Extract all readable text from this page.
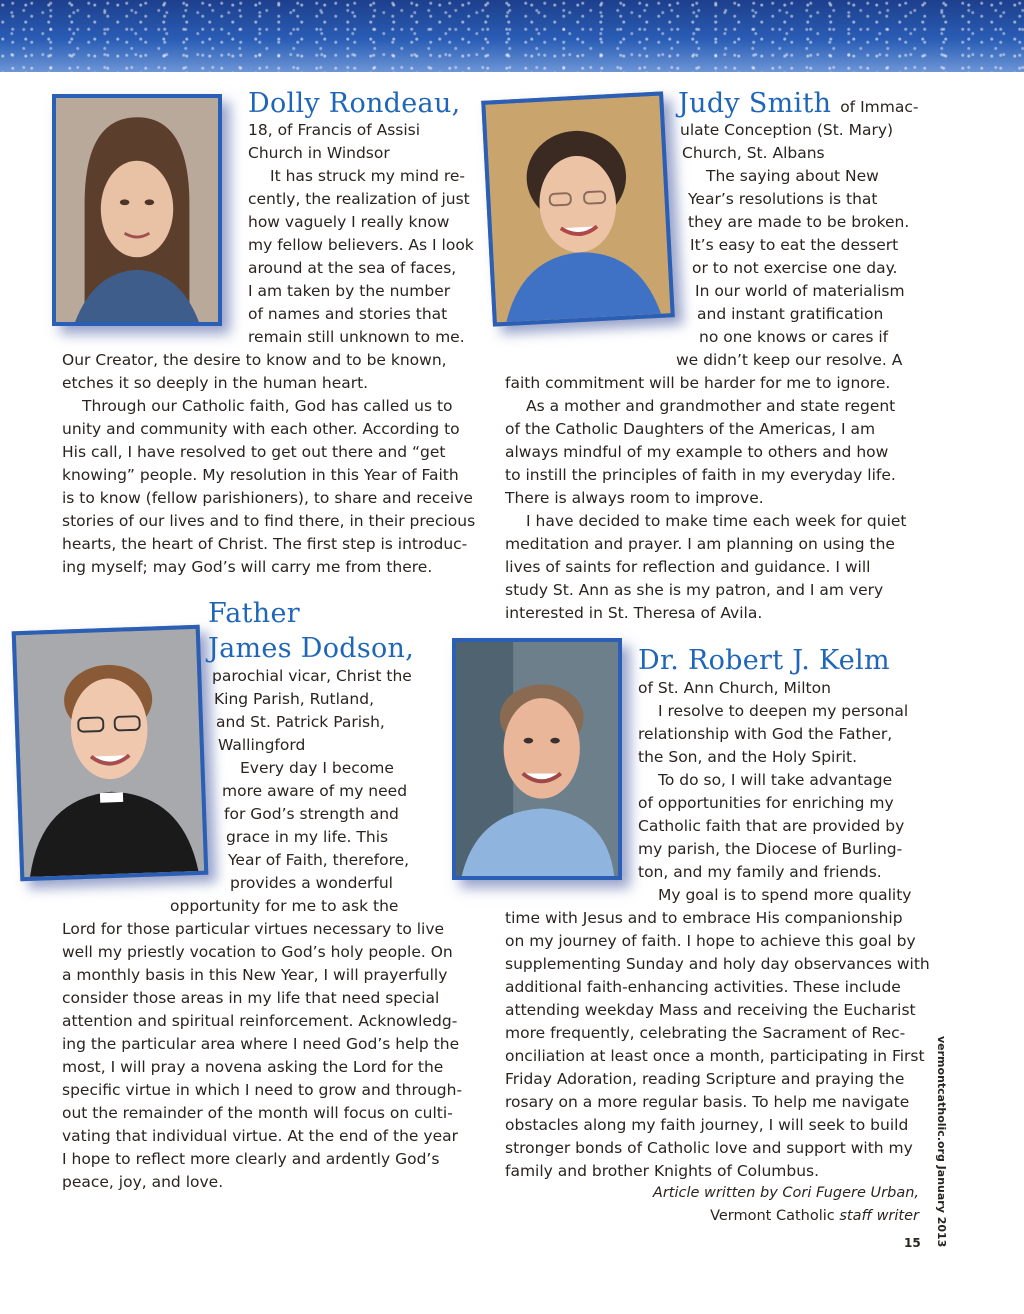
Dolly Rondeau,
18, of Francis of Assisi
Church in Windsor
It has struck my mind re-
cently, the realization of just
how vaguely I really know
my fellow believers. As I look
around at the sea of faces,
I am taken by the number
of names and stories that
remain still unknown to me.
Our Creator, the desire to know and to be known,
etches it so deeply in the human heart.
Through our Catholic faith, God has called us to
unity and community with each other. According to
His call, I have resolved to get out there and “get
knowing” people. My resolution in this Year of Faith
is to know (fellow parishioners), to share and receive
stories of our lives and to find there, in their precious
hearts, the heart of Christ. The first step is introduc-
ing myself; may God’s will carry me from there.
Judy Smith of Immac-
ulate Conception (St. Mary)
Church, St. Albans
The saying about New
Year’s resolutions is that
they are made to be broken.
It’s easy to eat the dessert
or to not exercise one day.
In our world of materialism
and instant gratification
no one knows or cares if
we didn’t keep our resolve. A
faith commitment will be harder for me to ignore.
As a mother and grandmother and state regent
of the Catholic Daughters of the Americas, I am
always mindful of my example to others and how
to instill the principles of faith in my everyday life.
There is always room to improve.
I have decided to make time each week for quiet
meditation and prayer. I am planning on using the
lives of saints for reflection and guidance. I will
study St. Ann as she is my patron, and I am very
interested in St. Theresa of Avila.
Father
James Dodson,
parochial vicar, Christ the
King Parish, Rutland,
and St. Patrick Parish,
Wallingford
Every day I become
more aware of my need
for God’s strength and
grace in my life. This
Year of Faith, therefore,
provides a wonderful
opportunity for me to ask the
Lord for those particular virtues necessary to live
well my priestly vocation to God’s holy people. On
a monthly basis in this New Year, I will prayerfully
consider those areas in my life that need special
attention and spiritual reinforcement. Acknowledg-
ing the particular area where I need God’s help the
most, I will pray a novena asking the Lord for the
specific virtue in which I need to grow and through-
out the remainder of the month will focus on culti-
vating that individual virtue. At the end of the year
I hope to reflect more clearly and ardently God’s
peace, joy, and love.
Dr. Robert J. Kelm
of St. Ann Church, Milton
I resolve to deepen my personal
relationship with God the Father,
the Son, and the Holy Spirit.
To do so, I will take advantage
of opportunities for enriching my
Catholic faith that are provided by
my parish, the Diocese of Burling-
ton, and my family and friends.
My goal is to spend more quality
time with Jesus and to embrace His companionship
on my journey of faith. I hope to achieve this goal by
supplementing Sunday and holy day observances with
additional faith-enhancing activities. These include
attending weekday Mass and receiving the Eucharist
more frequently, celebrating the Sacrament of Rec-
onciliation at least once a month, participating in First
Friday Adoration, reading Scripture and praying the
rosary on a more regular basis. To help me navigate
obstacles along my faith journey, I will seek to build
stronger bonds of Catholic love and support with my
family and brother Knights of Columbus.
Article written by Cori Fugere Urban,
Vermont Catholic staff writer vermontcatholic.org January 2013
15
